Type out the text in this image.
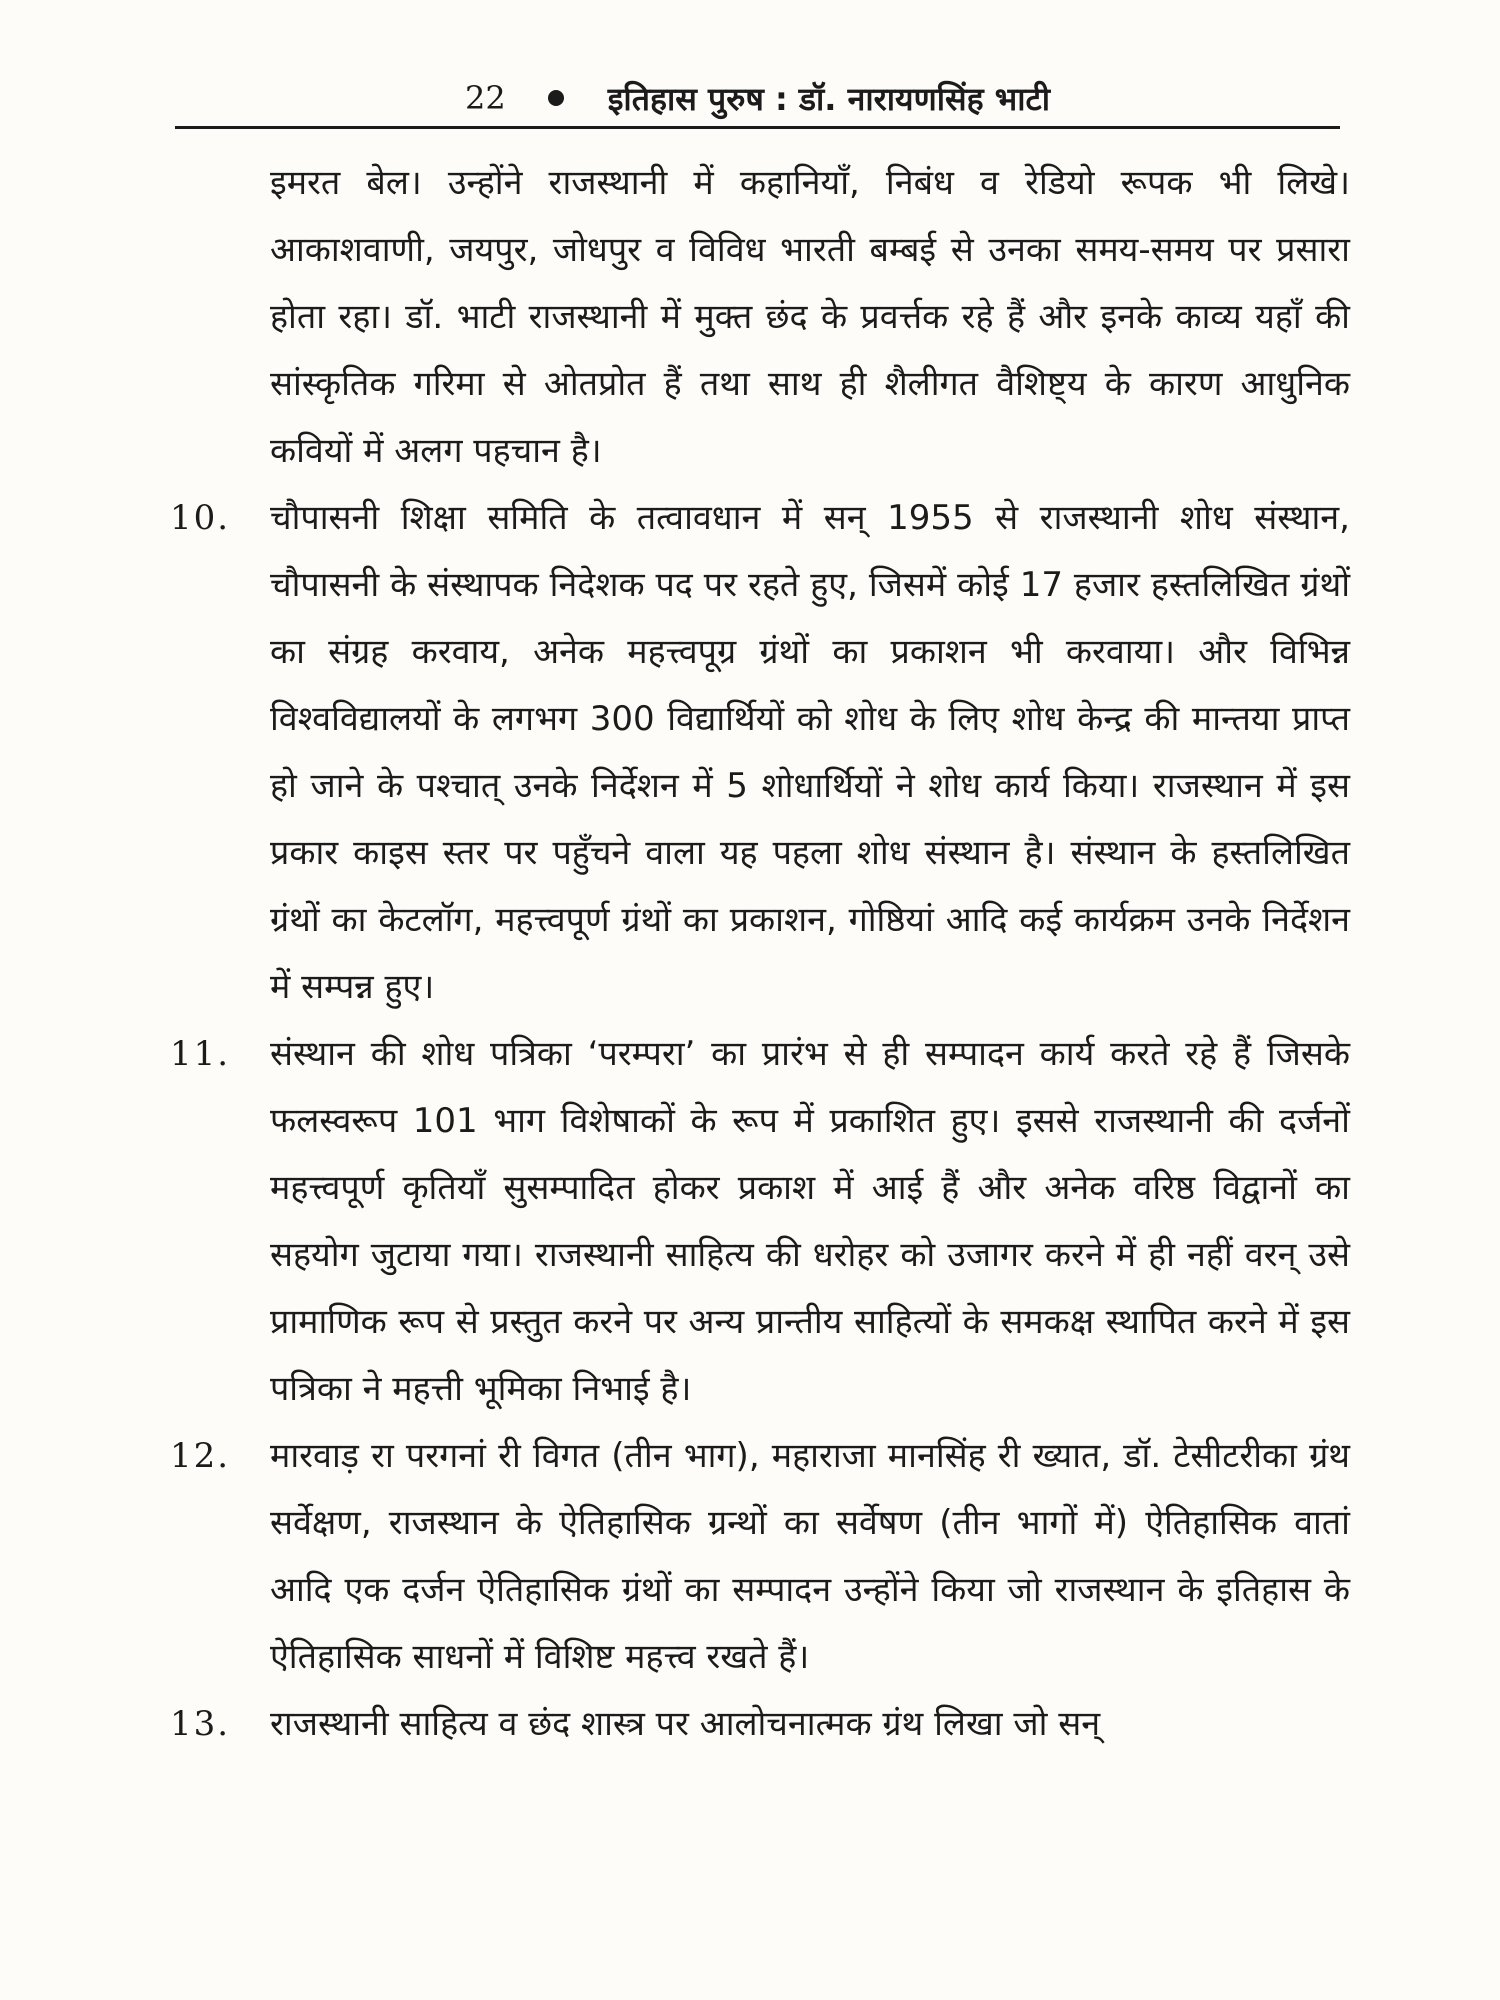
22	इतिहास पुरुष : डॉ. नारायणसिंह भाटी

इमरत बेल। उन्होंने राजस्थानी में कहानियाँ, निबंध व रेडियो रूपक भी लिखे। आकाशवाणी, जयपुर, जोधपुर व विविध भारती बम्बई से उनका समय-समय पर प्रसारा होता रहा। डॉ. भाटी राजस्थानी में मुक्त छंद के प्रवर्त्तक रहे हैं और इनके काव्य यहाँ की सांस्कृतिक गरिमा से ओतप्रोत हैं तथा साथ ही शैलीगत वैशिष्ट्य के कारण आधुनिक कवियों में अलग पहचान है।

10.	चौपासनी शिक्षा समिति के तत्वावधान में सन् 1955 से राजस्थानी शोध संस्थान, चौपासनी के संस्थापक निदेशक पद पर रहते हुए, जिसमें कोई 17 हजार हस्तलिखित ग्रंथों का संग्रह करवाय, अनेक महत्त्वपूग्र ग्रंथों का प्रकाशन भी करवाया। और विभिन्न विश्वविद्यालयों के लगभग 300 विद्यार्थियों को शोध के लिए शोध केन्द्र की मान्तया प्राप्त हो जाने के पश्चात् उनके निर्देशन में 5 शोधार्थियों ने शोध कार्य किया। राजस्थान में इस प्रकार काइस स्तर पर पहुँचने वाला यह पहला शोध संस्थान है। संस्थान के हस्तलिखित ग्रंथों का केटलॉग, महत्त्वपूर्ण ग्रंथों का प्रकाशन, गोष्ठियां आदि कई कार्यक्रम उनके निर्देशन में सम्पन्न हुए।

11.	संस्थान की शोध पत्रिका ‘परम्परा’ का प्रारंभ से ही सम्पादन कार्य करते रहे हैं जिसके फलस्वरूप 101 भाग विशेषाकों के रूप में प्रकाशित हुए। इससे राजस्थानी की दर्जनों महत्त्वपूर्ण कृतियाँ सुसम्पादित होकर प्रकाश में आई हैं और अनेक वरिष्ठ विद्वानों का सहयोग जुटाया गया। राजस्थानी साहित्य की धरोहर को उजागर करने में ही नहीं वरन् उसे प्रामाणिक रूप से प्रस्तुत करने पर अन्य प्रान्तीय साहित्यों के समकक्ष स्थापित करने में इस पत्रिका ने महत्ती भूमिका निभाई है।

12.	मारवाड़ रा परगनां री विगत (तीन भाग), महाराजा मानसिंह री ख्यात, डॉ. टेसीटरीका ग्रंथ सर्वेक्षण, राजस्थान के ऐतिहासिक ग्रन्थों का सर्वेषण (तीन भागों में) ऐतिहासिक वातां आदि एक दर्जन ऐतिहासिक ग्रंथों का सम्पादन उन्होंने किया जो राजस्थान के इतिहास के ऐतिहासिक साधनों में विशिष्ट महत्त्व रखते हैं।

13.	राजस्थानी साहित्य व छंद शास्त्र पर आलोचनात्मक ग्रंथ लिखा जो सन्
